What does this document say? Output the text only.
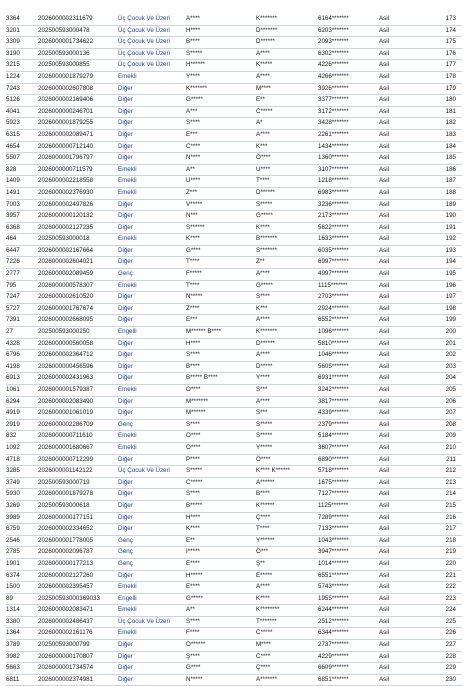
3364	2026000002311679	Üç Çocuk Ve Üzeri	A****	K*******	6164*******	Asil	173
3201	202500593000478	Üç Çocuk Ve Üzeri	H****	D*******	6203*******	Asil	174
3309	2026000001734622	Üç Çocuk Ve Üzeri	B****	D******	2093*******	Asil	175
3190	202500593000136	Üç Çocuk Ve Üzeri	S*****	A****	6302*******	Asil	176
3215	202500593000855	Üç Çocuk Ve Üzeri	H******	K*****	4226*******	Asil	177
1224	2026000001879279	Emekli	Y****	A****	4266*******	Asil	178
7243	2026000002607808	Diğer	K*******	M****	3926*******	Asil	179
5126	2026000002169406	Diğer	G*****	E**	3377*******	Asil	180
4041	2026000000246701	Diğer	A***	C*****	3172*******	Asil	181
5923	2026000001879255	Diğer	S****	A*	3428*******	Asil	182
6315	2026000002089471	Diğer	E***	A****	2261*******	Asil	183
4654	2026000000712140	Diğer	C****	K***	1434*******	Asil	184
5507	2026000001796797	Diğer	N****	Ö****	1360*******	Asil	185
828	2026000000711579	Emekli	A**	U****	3107*******	Asil	186
1409	2026000002218558	Emekli	U****	T****	1218*******	Asil	187
1491	2026000002376930	Emekli	Z***	D******	6983*******	Asil	188
7003	2026000002497826	Diğer	V*****	S*****	3236*******	Asil	189
3957	2026000000120132	Diğer	N***	G*****	2173*******	Asil	190
6368	2026000002127235	Diğer	S******	K****	5622*******	Asil	191
464	202500593000018	Emekli	K****	B*******	1633*******	Asil	192
6447	2026000002167664	Diğer	G****	S*******	6035*******	Asil	193
7226	2026000002604021	Diğer	T****	Z**	6997*******	Asil	194
2777	2026000002089459	Genç	F*****	A****	4997*******	Asil	195
795	2026000000578307	Emekli	T****	G*****	1115*******	Asil	196
7247	2026000002610520	Diğer	N*****	S****	2703*******	Asil	197
5727	2026000001767674	Diğer	Z****	K***	2924*******	Asil	198
7391	2026000002668095	Diğer	E***	A****	6552*******	Asil	199
27	202500593000250	Engelli	M****** B****	K*******	1096*******	Asil	200
4328	2026000000560058	Diğer	H****	D******	5810*******	Asil	201
6796	2026000002364712	Diğer	S****	A****	1046*******	Asil	202
4198	2026000000456596	Diğer	B****	D*****	5605*******	Asil	203
6913	2026000002431963	Diğer	B***** B****	Y****	6931*******	Asil	204
1061	2026000001579387	Emekli	O****	S***	3242*******	Asil	205
6294	2026000002083490	Diğer	M*******	A****	3817*******	Asil	206
4919	2026000001061019	Diğer	M******	S***	4339*******	Asil	207
2919	2026000002286709	Genç	S****	S*****	2379*******	Asil	208
832	2026000000711610	Emekli	O****	S*****	5184*******	Asil	209
1092	2026000001680667	Emekli	O****	Y*****	3607*******	Asil	210
4718	2026000000712299	Diğer	P****	Ö****	6890*******	Asil	211
3285	2026000001142122	Üç Çocuk Ve Üzeri	S*****	K**** K******	5718*******	Asil	212
3749	202500593000719	Diğer	C*****	A******	1675*******	Asil	213
5930	2026000001879278	Diğer	S****	B****	7127*******	Asil	214
3269	202500593000618	Diğer	B*****	K******	1125*******	Asil	215
3989	2026000000177151	Diğer	H****	Ç****	7289*******	Asil	216
6759	2026000002334652	Diğer	K****	T****	7133*******	Asil	217
2546	2026000001778005	Genç	E**	Y******	1043*******	Asil	218
2785	2026000002096787	Genç	I*****	Ö***	3947*******	Asil	219
1901	2026000000177213	Genç	E****	Ş**	1014*******	Asil	220
6374	2026000002127260	Diğer	H*****	E*****	6551*******	Asil	221
1500	2026000002395457	Emekli	E****	A****	5743*******	Asil	222
89	202500593000369033	Engelli	G*****	K****	1955*******	Asil	223
1314	2026000002083471	Emekli	A**	K********	6244*******	Asil	224
3380	2026000002486437	Üç Çocuk Ve Üzeri	S****	T*******	2512*******	Asil	225
1364	2026000002161176	Emekli	F****	C*****	6344*******	Asil	226
3789	202500593000799	Diğer	O******	M****	2737*******	Asil	227
3982	2026000000170807	Diğer	Ş****	C****	4229*******	Asil	228
5663	2026000001734574	Diğer	G****	Ç****	6609*******	Asil	229
6811	2026000002374981	Diğer	N*****	A*******	6851*******	Asil	230
